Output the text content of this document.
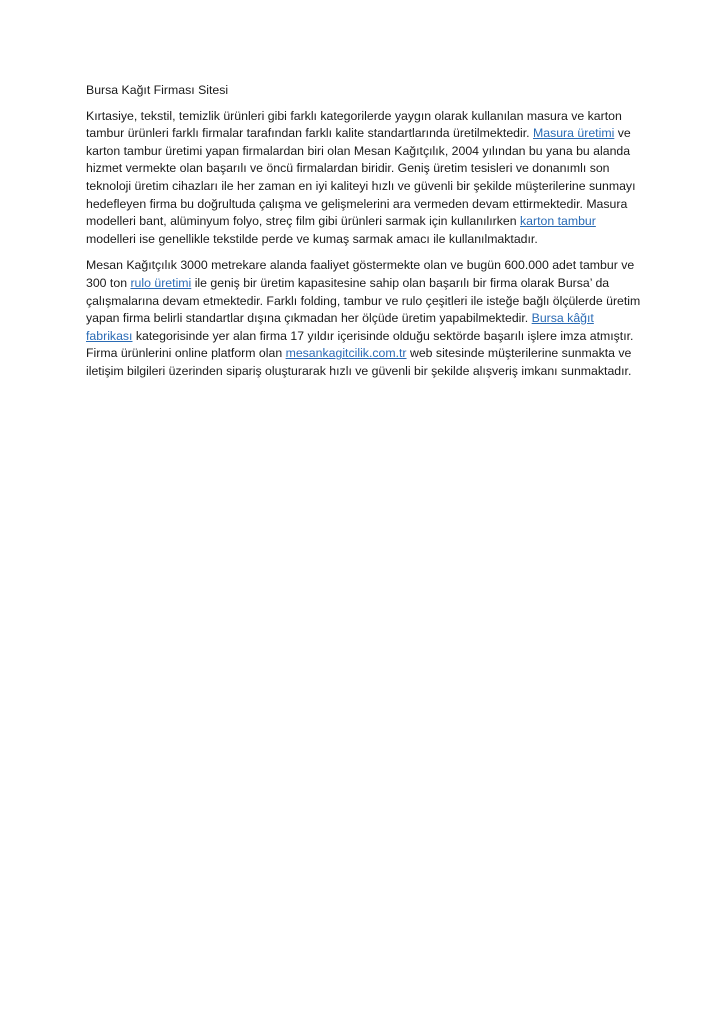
Bursa Kağıt Firması Sitesi

Kırtasiye, tekstil, temizlik ürünleri gibi farklı kategorilerde yaygın olarak kullanılan masura ve karton tambur ürünleri farklı firmalar tarafından farklı kalite standartlarında üretilmektedir. Masura üretimi ve karton tambur üretimi yapan firmalardan biri olan Mesan Kağıtçılık, 2004 yılından bu yana bu alanda hizmet vermekte olan başarılı ve öncü firmalardan biridir. Geniş üretim tesisleri ve donanımlı son teknoloji üretim cihazları ile her zaman en iyi kaliteyi hızlı ve güvenli bir şekilde müşterilerine sunmayı hedefleyen firma bu doğrultuda çalışma ve gelişmelerini ara vermeden devam ettirmektedir. Masura modelleri bant, alüminyum folyo, streç film gibi ürünleri sarmak için kullanılırken karton tambur modelleri ise genellikle tekstilde perde ve kumaş sarmak amacı ile kullanılmaktadır.

Mesan Kağıtçılık 3000 metrekare alanda faaliyet göstermekte olan ve bugün 600.000 adet tambur ve 300 ton rulo üretimi ile geniş bir üretim kapasitesine sahip olan başarılı bir firma olarak Bursa’ da çalışmalarına devam etmektedir. Farklı folding, tambur ve rulo çeşitleri ile isteğe bağlı ölçülerde üretim yapan firma belirli standartlar dışına çıkmadan her ölçüde üretim yapabilmektedir. Bursa kâğıt fabrikası kategorisinde yer alan firma 17 yıldır içerisinde olduğu sektörde başarılı işlere imza atmıştır. Firma ürünlerini online platform olan mesankagitcilik.com.tr web sitesinde müşterilerine sunmakta ve iletişim bilgileri üzerinden sipariş oluşturarak hızlı ve güvenli bir şekilde alışveriş imkanı sunmaktadır.
